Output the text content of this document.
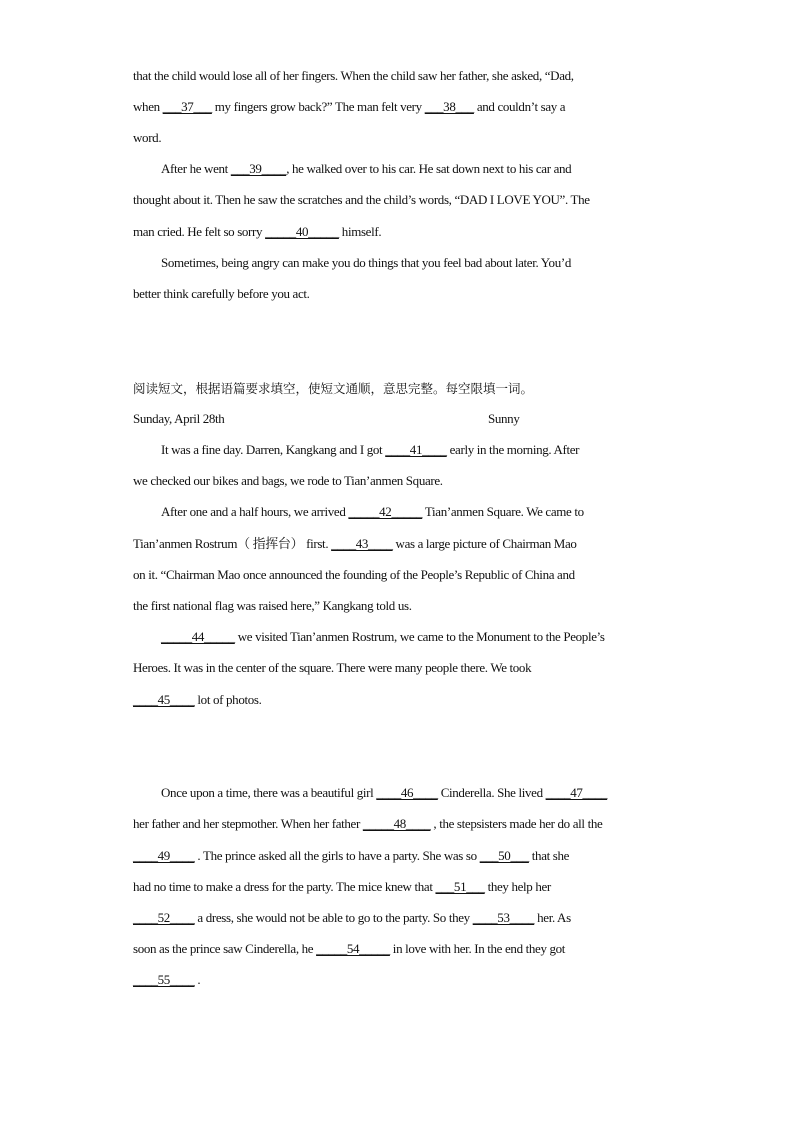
that the child would lose all of her fingers. When the child saw her father, she asked, “Dad,
when ___37___ my fingers grow back?” The man felt very ___38___ and couldn’t say a
word.
After he went ___39____, he walked over to his car. He sat down next to his car and
thought about it. Then he saw the scratches and the child’s words, “DAD I LOVE YOU”. The
man cried. He felt so sorry _____40_____ himself.
Sometimes, being angry can make you do things that you feel bad about later. You’d
better think carefully before you act.
阅读短文，根据语篇要求填空，使短文通顺，意思完整。每空限填一词。
Sunday, April 28th	Sunny
It was a fine day. Darren, Kangkang and I got ____41____ early in the morning. After
we checked our bikes and bags, we rode to Tian’anmen Square.
After one and a half hours, we arrived _____42_____ Tian’anmen Square. We came to
Tian’anmen Rostrum（ 指挥台） first. ____43____ was a large picture of Chairman Mao
on it. “Chairman Mao once announced the founding of the People’s Republic of China and
the first national flag was raised here,” Kangkang told us.
_____44_____ we visited Tian’anmen Rostrum, we came to the Monument to the People’s
Heroes. It was in the center of the square. There were many people there. We took
____45____ lot of photos.
Once upon a time, there was a beautiful girl ____46____ Cinderella. She lived ____47____
her father and her stepmother. When her father _____48____ , the stepsisters made her do all the
____49____ . The prince asked all the girls to have a party. She was so ___50___ that she
had no time to make a dress for the party. The mice knew that ___51___ they help her
____52____ a dress, she would not be able to go to the party. So they ____53____ her. As
soon as the prince saw Cinderella, he _____54_____ in love with her. In the end they got
____55____ .
